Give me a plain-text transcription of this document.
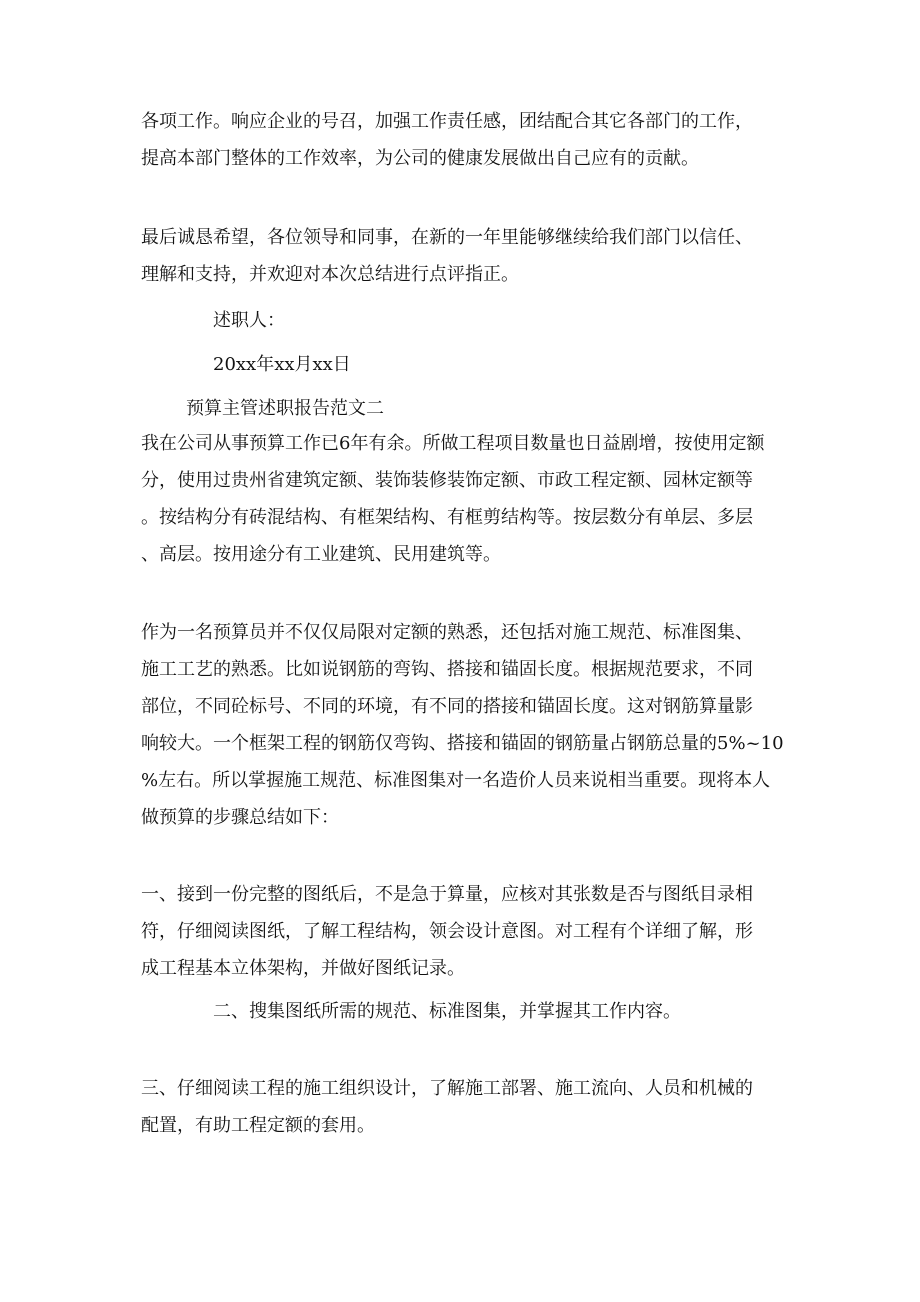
各项工作。响应企业的号召，加强工作责任感，团结配合其它各部门的工作，
提高本部门整体的工作效率，为公司的健康发展做出自己应有的贡献。
最后诚恳希望，各位领导和同事，在新的一年里能够继续给我们部门以信任、
理解和支持，并欢迎对本次总结进行点评指正。
述职人：
20xx年xx月xx日
预算主管述职报告范文二
我在公司从事预算工作已6年有余。所做工程项目数量也日益剧增，按使用定额
分，使用过贵州省建筑定额、装饰装修装饰定额、市政工程定额、园林定额等
。按结构分有砖混结构、有框架结构、有框剪结构等。按层数分有单层、多层
、高层。按用途分有工业建筑、民用建筑等。
作为一名预算员并不仅仅局限对定额的熟悉，还包括对施工规范、标准图集、
施工工艺的熟悉。比如说钢筋的弯钩、搭接和锚固长度。根据规范要求，不同
部位，不同砼标号、不同的环境，有不同的搭接和锚固长度。这对钢筋算量影
响较大。一个框架工程的钢筋仅弯钩、搭接和锚固的钢筋量占钢筋总量的5%~10
%左右。所以掌握施工规范、标准图集对一名造价人员来说相当重要。现将本人
做预算的步骤总结如下：
一、接到一份完整的图纸后，不是急于算量，应核对其张数是否与图纸目录相
符，仔细阅读图纸，了解工程结构，领会设计意图。对工程有个详细了解，形
成工程基本立体架构，并做好图纸记录。
二、搜集图纸所需的规范、标准图集，并掌握其工作内容。
三、仔细阅读工程的施工组织设计，了解施工部署、施工流向、人员和机械的
配置，有助工程定额的套用。
